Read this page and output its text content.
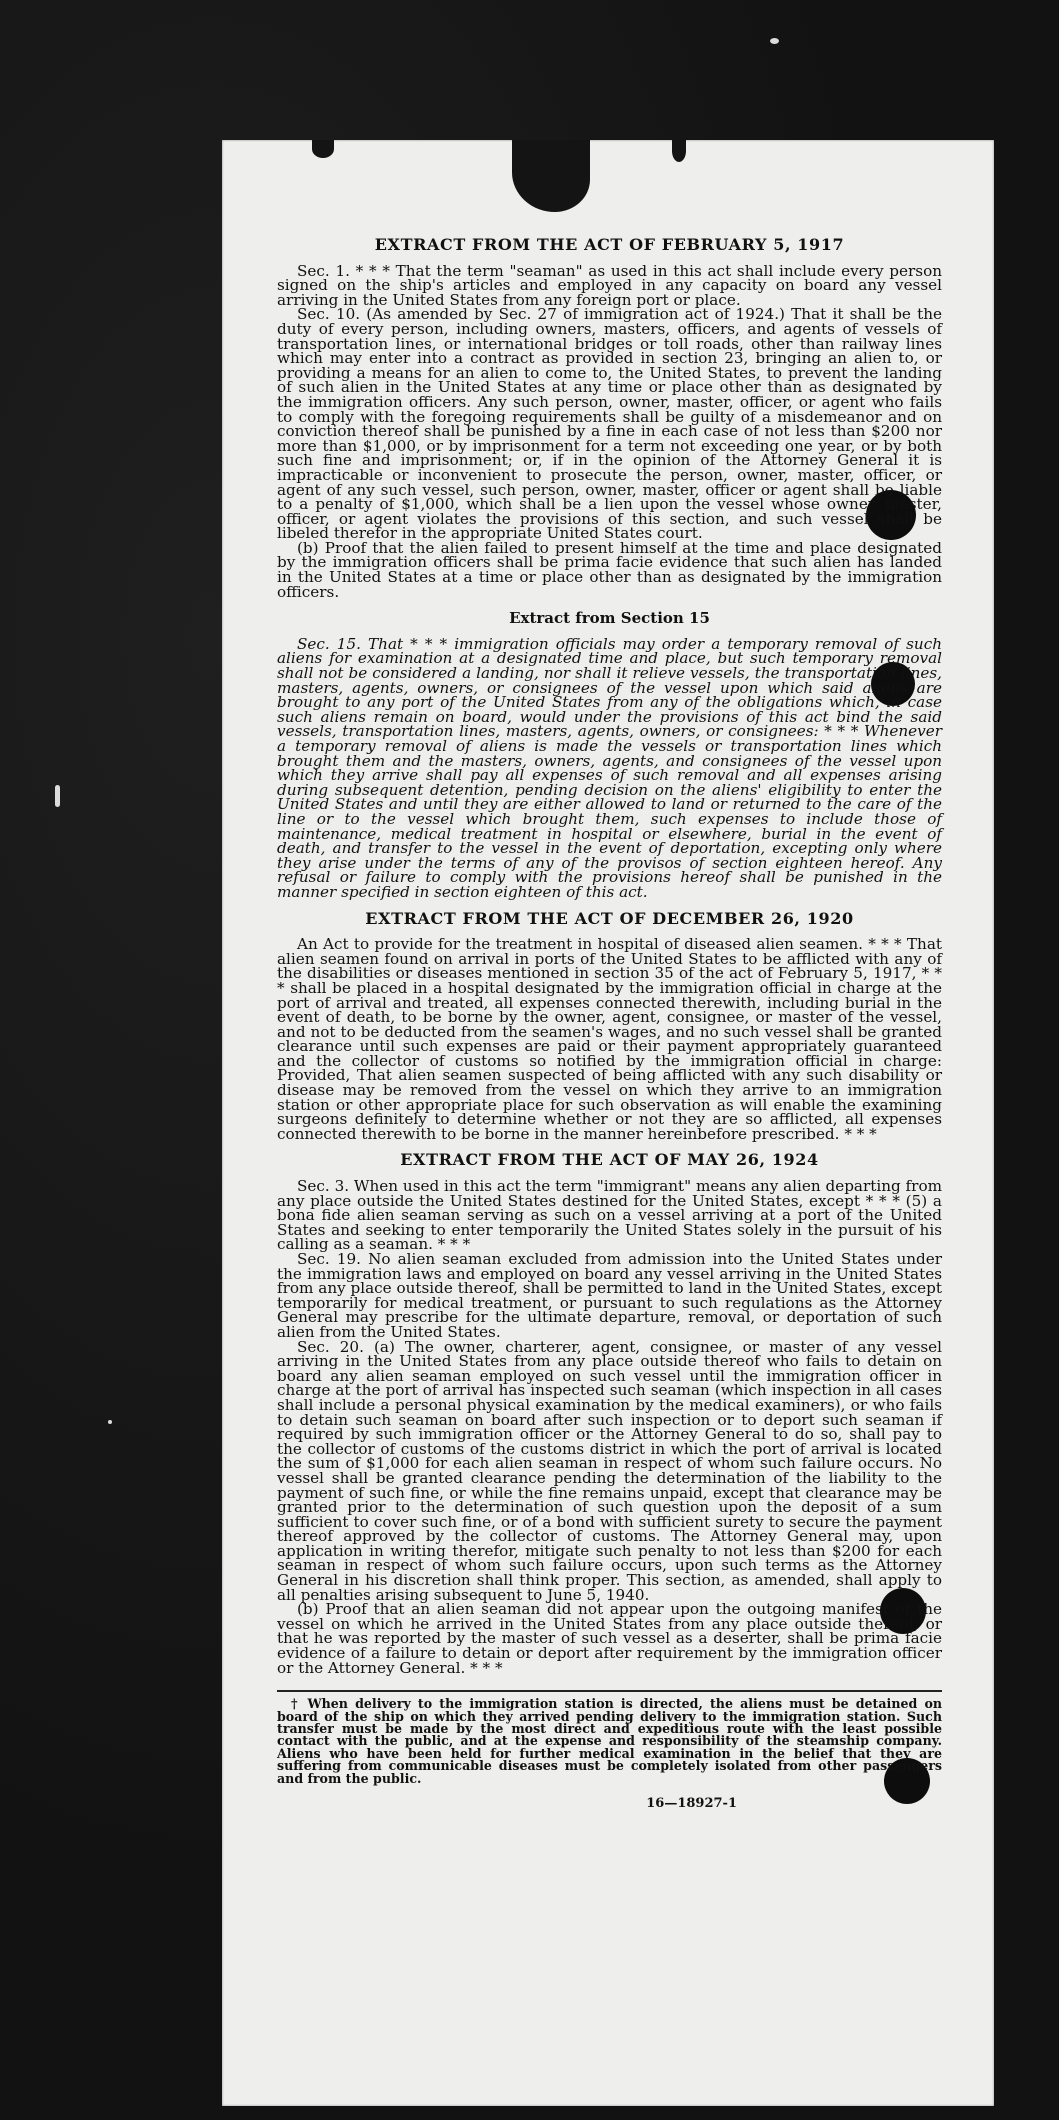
EXTRACT FROM THE ACT OF FEBRUARY 5, 1917

Sec. 1. * * * That the term "seaman" as used in this act shall include every person signed on the ship's articles and employed in any capacity on board any vessel arriving in the United States from any foreign port or place.

Sec. 10. (As amended by Sec. 27 of immigration act of 1924.) That it shall be the duty of every person, including owners, masters, officers, and agents of vessels of transportation lines, or international bridges or toll roads, other than railway lines which may enter into a contract as provided in section 23, bringing an alien to, or providing a means for an alien to come to, the United States, to prevent the landing of such alien in the United States at any time or place other than as designated by the immigration officers. Any such person, owner, master, officer, or agent who fails to comply with the foregoing requirements shall be guilty of a misdemeanor and on conviction thereof shall be punished by a fine in each case of not less than $200 nor more than $1,000, or by imprisonment for a term not exceeding one year, or by both such fine and imprisonment; or, if in the opinion of the Attorney General it is impracticable or inconvenient to prosecute the person, owner, master, officer, or agent of any such vessel, such person, owner, master, officer or agent shall be liable to a penalty of $1,000, which shall be a lien upon the vessel whose owner, master, officer, or agent violates the provisions of this section, and such vessel shall be libeled therefor in the appropriate United States court.

(b) Proof that the alien failed to present himself at the time and place designated by the immigration officers shall be prima facie evidence that such alien has landed in the United States at a time or place other than as designated by the immigration officers.

Extract from Section 15

Sec. 15. That * * * immigration officials may order a temporary removal of such aliens for examination at a designated time and place, but such temporary removal shall not be considered a landing, nor shall it relieve vessels, the transportation lines, masters, agents, owners, or consignees of the vessel upon which said aliens are brought to any port of the United States from any of the obligations which, in case such aliens remain on board, would under the provisions of this act bind the said vessels, transportation lines, masters, agents, owners, or consignees: * * * Whenever a temporary removal of aliens is made the vessels or transportation lines which brought them and the masters, owners, agents, and consignees of the vessel upon which they arrive shall pay all expenses of such removal and all expenses arising during subsequent detention, pending decision on the aliens' eligibility to enter the United States and until they are either allowed to land or returned to the care of the line or to the vessel which brought them, such expenses to include those of maintenance, medical treatment in hospital or elsewhere, burial in the event of death, and transfer to the vessel in the event of deportation, excepting only where they arise under the terms of any of the provisos of section eighteen hereof. Any refusal or failure to comply with the provisions hereof shall be punished in the manner specified in section eighteen of this act.

EXTRACT FROM THE ACT OF DECEMBER 26, 1920

An Act to provide for the treatment in hospital of diseased alien seamen. * * * That alien seamen found on arrival in ports of the United States to be afflicted with any of the disabilities or diseases mentioned in section 35 of the act of February 5, 1917, * * * shall be placed in a hospital designated by the immigration official in charge at the port of arrival and treated, all expenses connected therewith, including burial in the event of death, to be borne by the owner, agent, consignee, or master of the vessel, and not to be deducted from the seamen's wages, and no such vessel shall be granted clearance until such expenses are paid or their payment appropriately guaranteed and the collector of customs so notified by the immigration official in charge: Provided, That alien seamen suspected of being afflicted with any such disability or disease may be removed from the vessel on which they arrive to an immigration station or other appropriate place for such observation as will enable the examining surgeons definitely to determine whether or not they are so afflicted, all expenses connected therewith to be borne in the manner hereinbefore prescribed. * * *

EXTRACT FROM THE ACT OF MAY 26, 1924

Sec. 3. When used in this act the term "immigrant" means any alien departing from any place outside the United States destined for the United States, except * * * (5) a bona fide alien seaman serving as such on a vessel arriving at a port of the United States and seeking to enter temporarily the United States solely in the pursuit of his calling as a seaman. * * *

Sec. 19. No alien seaman excluded from admission into the United States under the immigration laws and employed on board any vessel arriving in the United States from any place outside thereof, shall be permitted to land in the United States, except temporarily for medical treatment, or pursuant to such regulations as the Attorney General may prescribe for the ultimate departure, removal, or deportation of such alien from the United States.

Sec. 20. (a) The owner, charterer, agent, consignee, or master of any vessel arriving in the United States from any place outside thereof who fails to detain on board any alien seaman employed on such vessel until the immigration officer in charge at the port of arrival has inspected such seaman (which inspection in all cases shall include a personal physical examination by the medical examiners), or who fails to detain such seaman on board after such inspection or to deport such seaman if required by such immigration officer or the Attorney General to do so, shall pay to the collector of customs of the customs district in which the port of arrival is located the sum of $1,000 for each alien seaman in respect of whom such failure occurs. No vessel shall be granted clearance pending the determination of the liability to the payment of such fine, or while the fine remains unpaid, except that clearance may be granted prior to the determination of such question upon the deposit of a sum sufficient to cover such fine, or of a bond with sufficient surety to secure the payment thereof approved by the collector of customs. The Attorney General may, upon application in writing therefor, mitigate such penalty to not less than $200 for each seaman in respect of whom such failure occurs, upon such terms as the Attorney General in his discretion shall think proper. This section, as amended, shall apply to all penalties arising subsequent to June 5, 1940.

(b) Proof that an alien seaman did not appear upon the outgoing manifest of the vessel on which he arrived in the United States from any place outside thereof, or that he was reported by the master of such vessel as a deserter, shall be prima facie evidence of a failure to detain or deport after requirement by the immigration officer or the Attorney General. * * *

† When delivery to the immigration station is directed, the aliens must be detained on board of the ship on which they arrived pending delivery to the immigration station. Such transfer must be made by the most direct and expeditious route with the least possible contact with the public, and at the expense and responsibility of the steamship company. Aliens who have been held for further medical examination in the belief that they are suffering from communicable diseases must be completely isolated from other passengers and from the public.
16—18927-1
